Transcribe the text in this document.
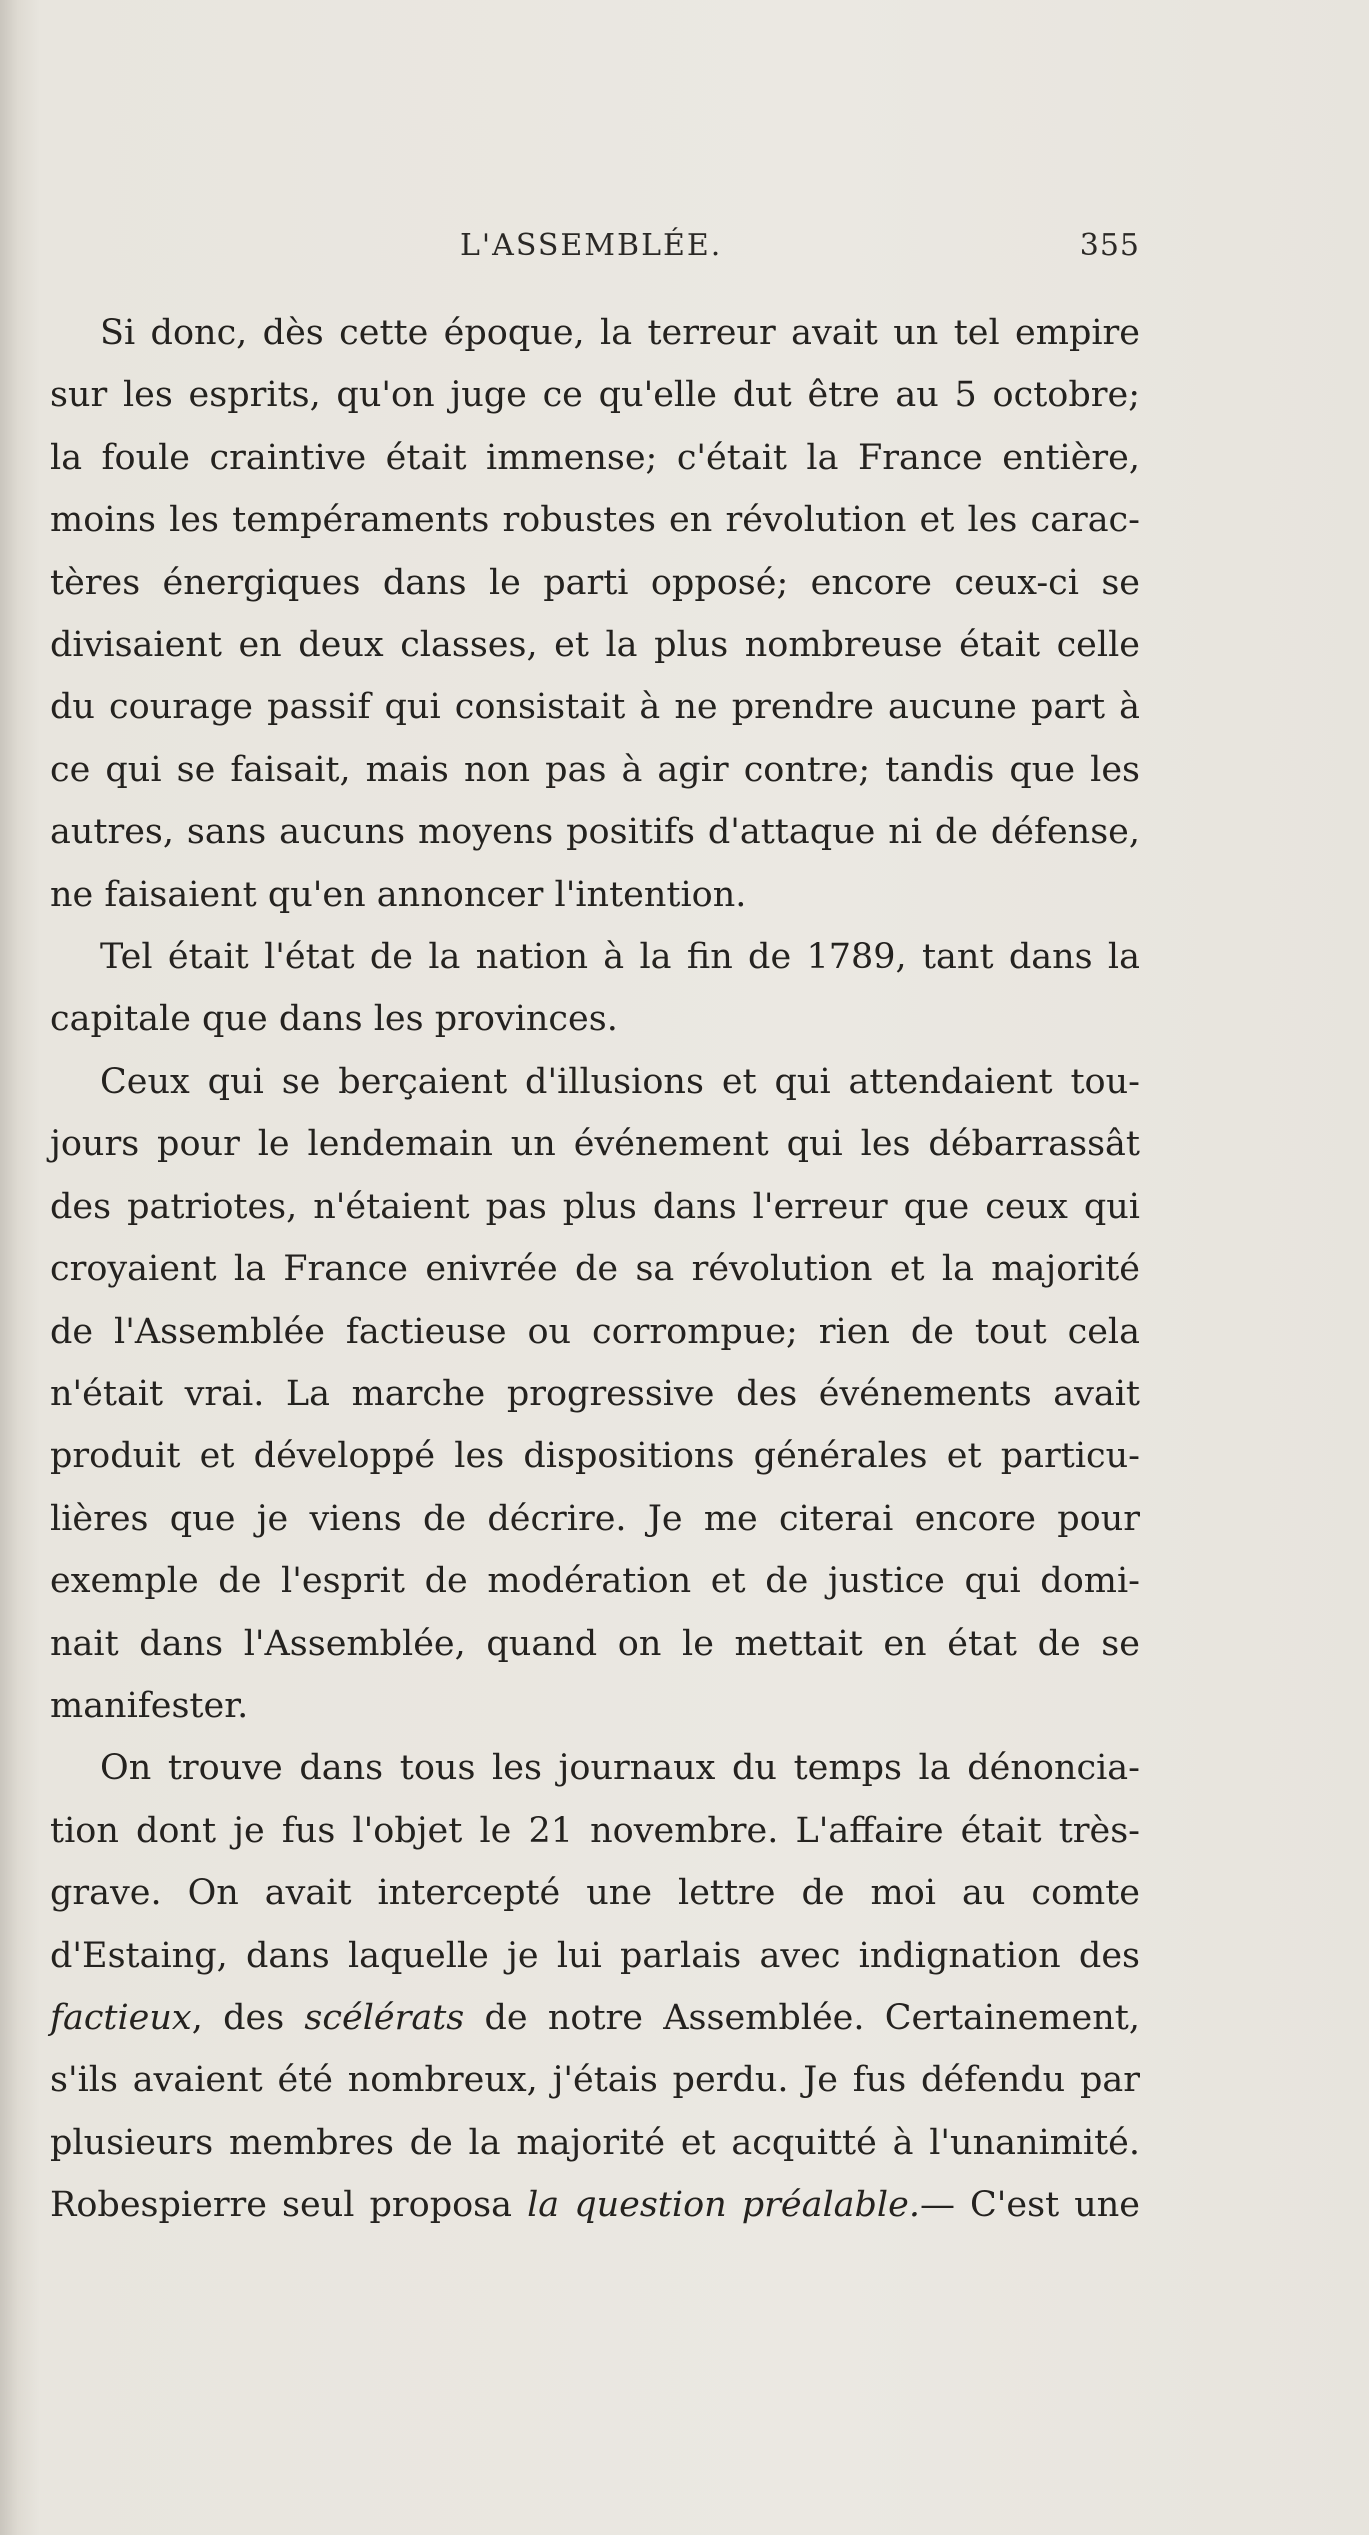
L'ASSEMBLÉE.	355
Si donc, dès cette époque, la terreur avait un tel empire
sur les esprits, qu'on juge ce qu'elle dut être au 5 octobre;
la foule craintive était immense; c'était la France entière,
moins les tempéraments robustes en révolution et les carac-
tères énergiques dans le parti opposé; encore ceux-ci se
divisaient en deux classes, et la plus nombreuse était celle
du courage passif qui consistait à ne prendre aucune part à
ce qui se faisait, mais non pas à agir contre; tandis que les
autres, sans aucuns moyens positifs d'attaque ni de défense,
ne faisaient qu'en annoncer l'intention.
Tel était l'état de la nation à la fin de 1789, tant dans la
capitale que dans les provinces.
Ceux qui se berçaient d'illusions et qui attendaient tou-
jours pour le lendemain un événement qui les débarrassât
des patriotes, n'étaient pas plus dans l'erreur que ceux qui
croyaient la France enivrée de sa révolution et la majorité
de l'Assemblée factieuse ou corrompue; rien de tout cela
n'était vrai. La marche progressive des événements avait
produit et développé les dispositions générales et particu-
lières que je viens de décrire. Je me citerai encore pour
exemple de l'esprit de modération et de justice qui domi-
nait dans l'Assemblée, quand on le mettait en état de se
manifester.
On trouve dans tous les journaux du temps la dénoncia-
tion dont je fus l'objet le 21 novembre. L'affaire était très-
grave. On avait intercepté une lettre de moi au comte
d'Estaing, dans laquelle je lui parlais avec indignation des
factieux, des scélérats de notre Assemblée. Certainement,
s'ils avaient été nombreux, j'étais perdu. Je fus défendu par
plusieurs membres de la majorité et acquitté à l'unanimité.
Robespierre seul proposa la question préalable.— C'est une
